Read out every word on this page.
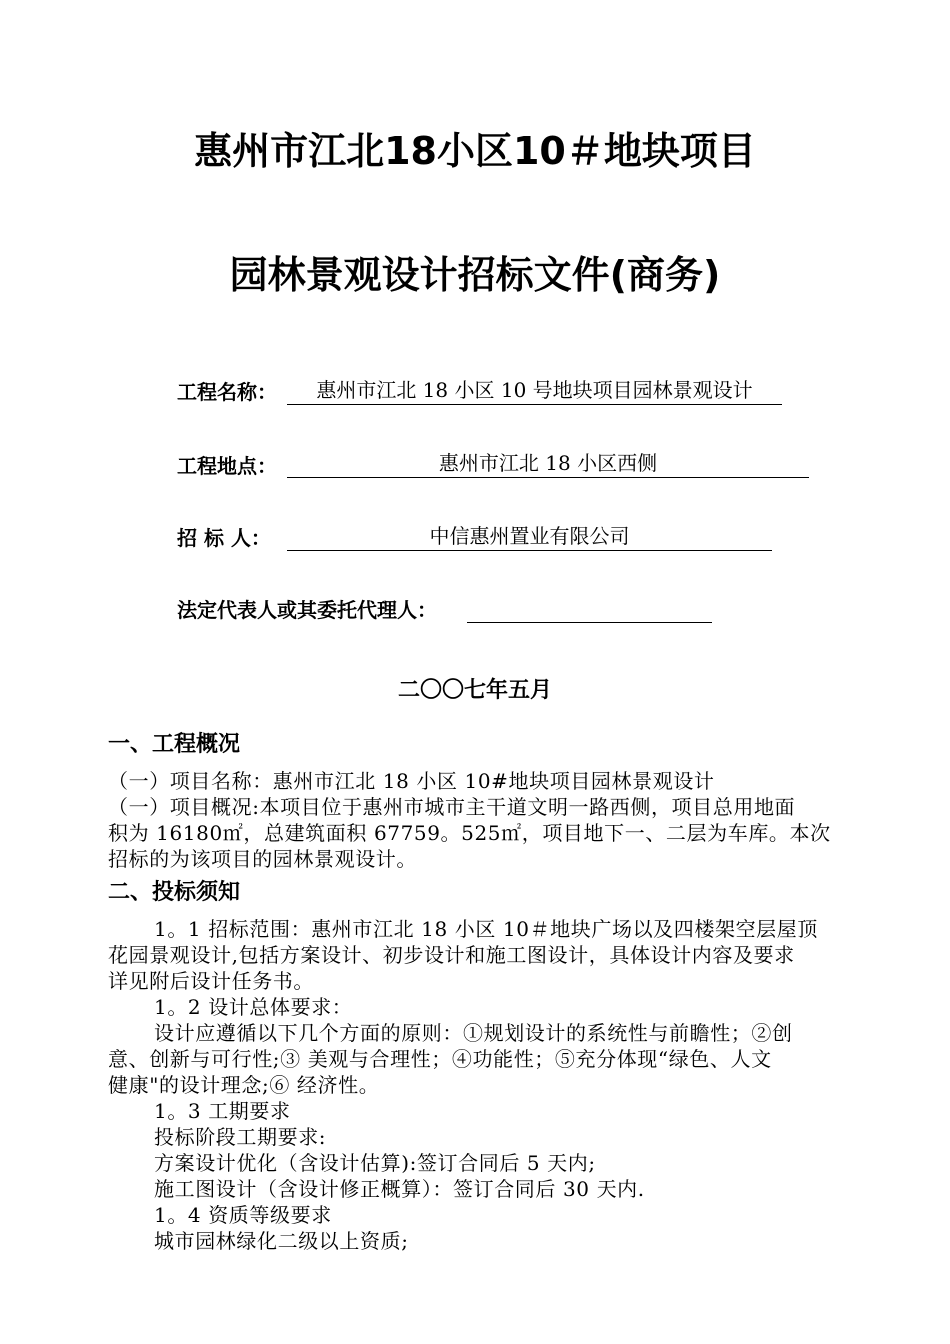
惠州市江北18小区10＃地块项目
园林景观设计招标文件(商务)
工程名称：	惠州市江北 18 小区 10 号地块项目园林景观设计
工程地点：	惠州市江北 18 小区西侧
招 标 人：	中信惠州置业有限公司
法定代表人或其委托代理人：
二〇〇七年五月
一、工程概况
（一）项目名称：惠州市江北 18 小区 10#地块项目园林景观设计
（一）项目概况:本项目位于惠州市城市主干道文明一路西侧，项目总用地面
积为 16180㎡，总建筑面积 67759。525㎡，项目地下一、二层为车库。本次
招标的为该项目的园林景观设计。
二、投标须知
1。1 招标范围：惠州市江北 18 小区 10＃地块广场以及四楼架空层屋顶
花园景观设计,包括方案设计、初步设计和施工图设计，具体设计内容及要求
详见附后设计任务书。
1。2 设计总体要求：
设计应遵循以下几个方面的原则：①规划设计的系统性与前瞻性；②创
意、创新与可行性;③ 美观与合理性；④功能性；⑤充分体现“绿色、人文
健康"的设计理念;⑥ 经济性。
1。3 工期要求
投标阶段工期要求:
方案设计优化（含设计估算):签订合同后 5 天内;
施工图设计（含设计修正概算）：签订合同后 30 天内.
1。4 资质等级要求
城市园林绿化二级以上资质;
